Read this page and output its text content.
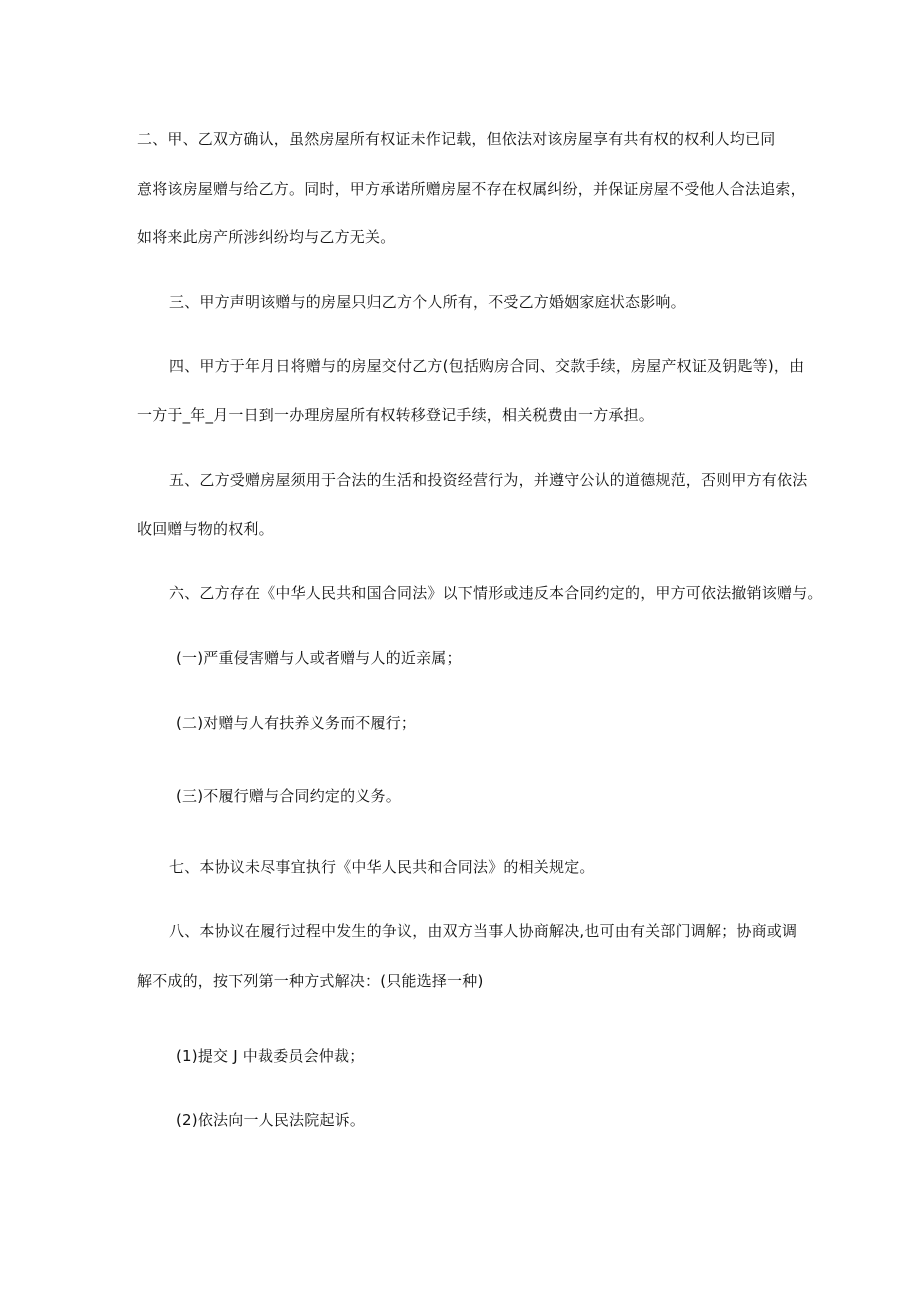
二、甲、乙双方确认，虽然房屋所有权证未作记载，但依法对该房屋享有共有权的权利人均已同
意将该房屋赠与给乙方。同时，甲方承诺所赠房屋不存在权属纠纷，并保证房屋不受他人合法追索，
如将来此房产所涉纠纷均与乙方无关。
三、甲方声明该赠与的房屋只归乙方个人所有，不受乙方婚姻家庭状态影响。
四、甲方于年月日将赠与的房屋交付乙方(包括购房合同、交款手续，房屋产权证及钥匙等)，由
一方于_年_月一日到一办理房屋所有权转移登记手续，相关税费由一方承担。
五、乙方受赠房屋须用于合法的生活和投资经营行为，并遵守公认的道德规范，否则甲方有依法
收回赠与物的权利。
六、乙方存在《中华人民共和国合同法》以下情形或违反本合同约定的，甲方可依法撤销该赠与。
(一)严重侵害赠与人或者赠与人的近亲属；
(二)对赠与人有扶养义务而不履行；
(三)不履行赠与合同约定的义务。
七、本协议未尽事宜执行《中华人民共和合同法》的相关规定。
八、本协议在履行过程中发生的争议，由双方当事人协商解决,也可由有关部门调解；协商或调
解不成的，按下列第一种方式解决：(只能选择一种)
(1)提交 J 中裁委员会仲裁；
(2)依法向一人民法院起诉。
